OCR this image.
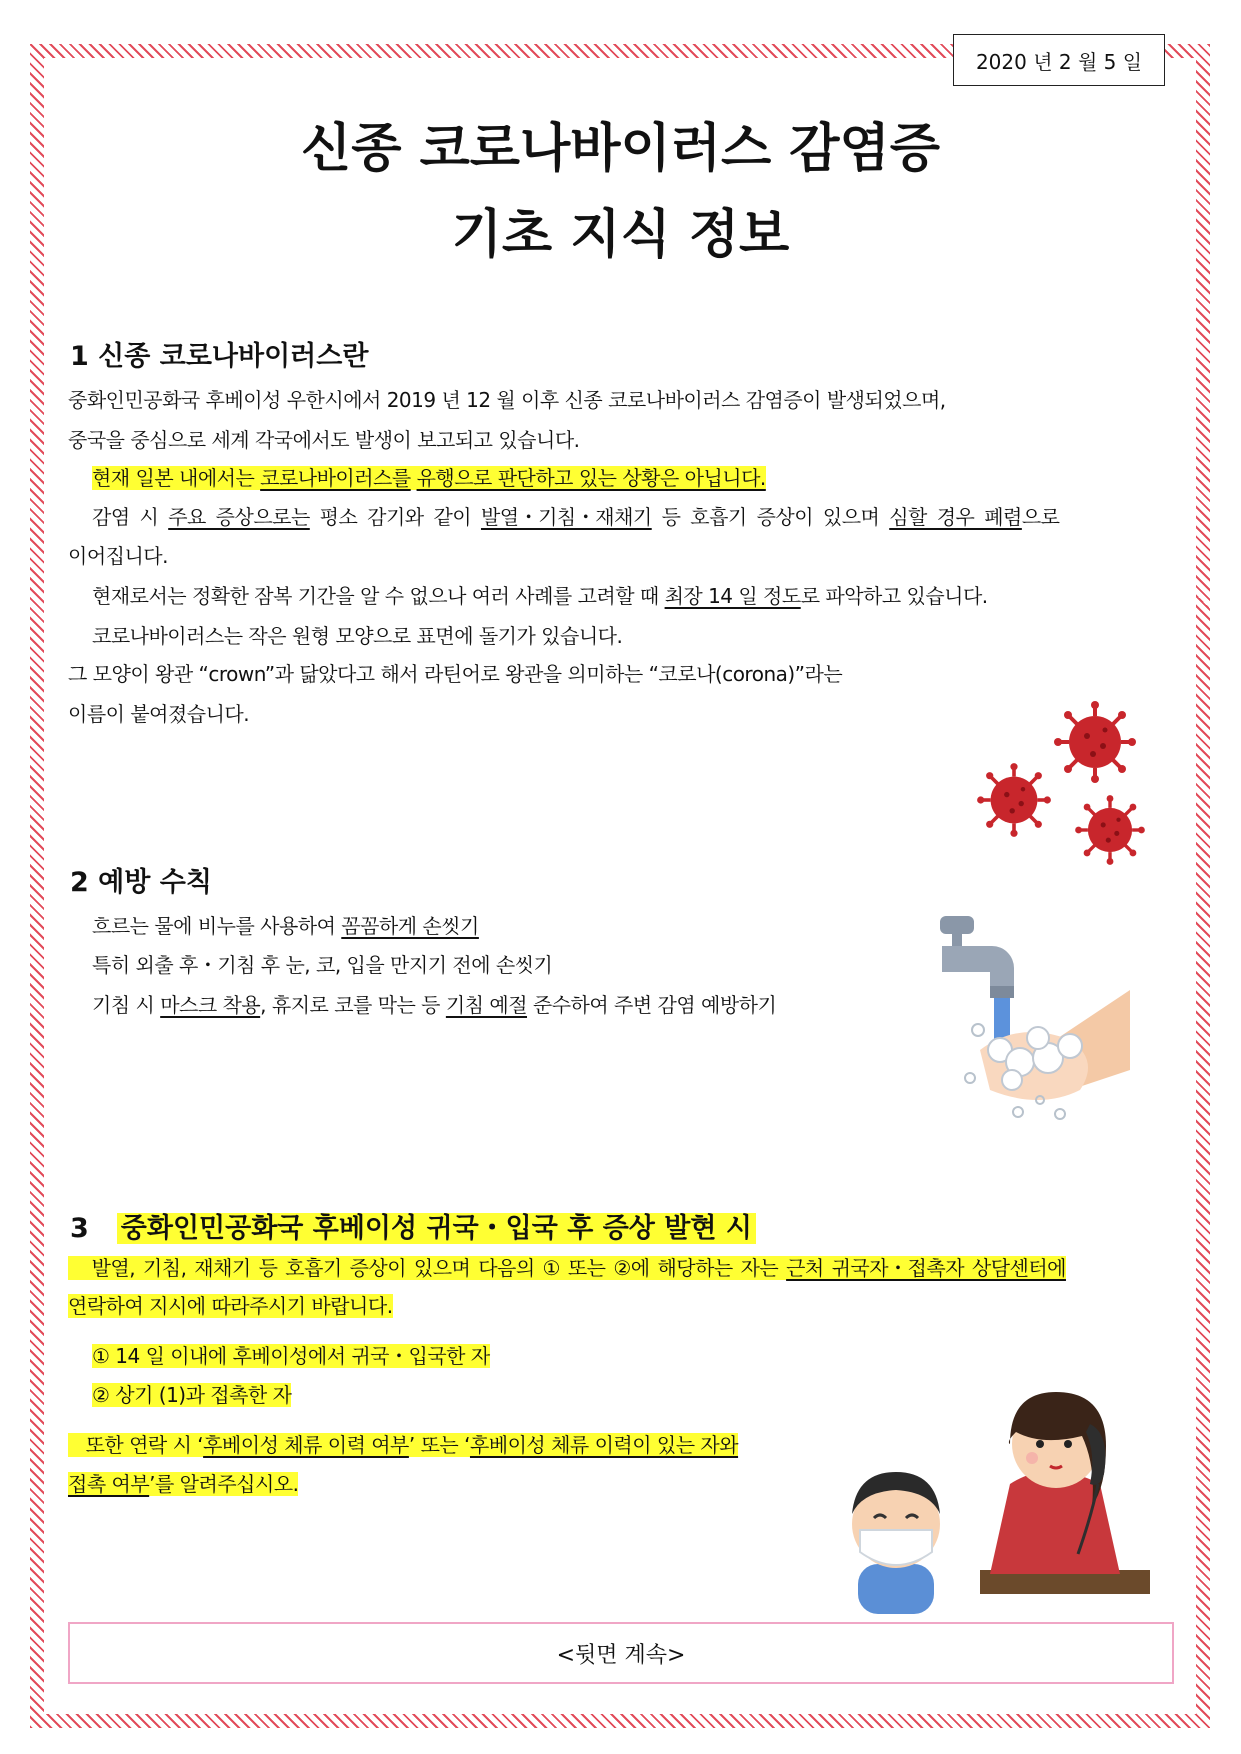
2020 년 2 월 5 일
신종 코로나바이러스 감염증
기초 지식 정보
1 신종 코로나바이러스란
중화인민공화국 후베이성 우한시에서 2019 년 12 월 이후 신종 코로나바이러스 감염증이 발생되었으며,
중국을 중심으로 세계 각국에서도 발생이 보고되고 있습니다.
현재 일본 내에서는 코로나바이러스를 유행으로 판단하고 있는 상황은 아닙니다.
감염 시 주요 증상으로는 평소 감기와 같이 발열・기침・재채기 등 호흡기 증상이 있으며 심할 경우 폐렴으로
이어집니다.
현재로서는 정확한 잠복 기간을 알 수 없으나 여러 사례를 고려할 때 최장 14 일 정도로 파악하고 있습니다.
코로나바이러스는 작은 원형 모양으로 표면에 돌기가 있습니다.
그 모양이 왕관 “crown”과 닮았다고 해서 라틴어로 왕관을 의미하는 “코로나(corona)”라는
이름이 붙여졌습니다.
2 예방 수칙
흐르는 물에 비누를 사용하여 꼼꼼하게 손씻기
특히 외출 후・기침 후 눈, 코, 입을 만지기 전에 손씻기
기침 시 마스크 착용, 휴지로 코를 막는 등 기침 예절 준수하여 주변 감염 예방하기
3 중화인민공화국 후베이성 귀국・입국 후 증상 발현 시
발열, 기침, 재채기 등 호흡기 증상이 있으며 다음의 ① 또는 ②에 해당하는 자는 근처 귀국자・접촉자 상담센터에
연락하여 지시에 따라주시기 바랍니다.
① 14 일 이내에 후베이성에서 귀국・입국한 자
② 상기 (1)과 접촉한 자
또한 연락 시 ‘후베이성 체류 이력 여부’ 또는 ‘후베이성 체류 이력이 있는 자와
접촉 여부’를 알려주십시오.
<뒷면 계속>
